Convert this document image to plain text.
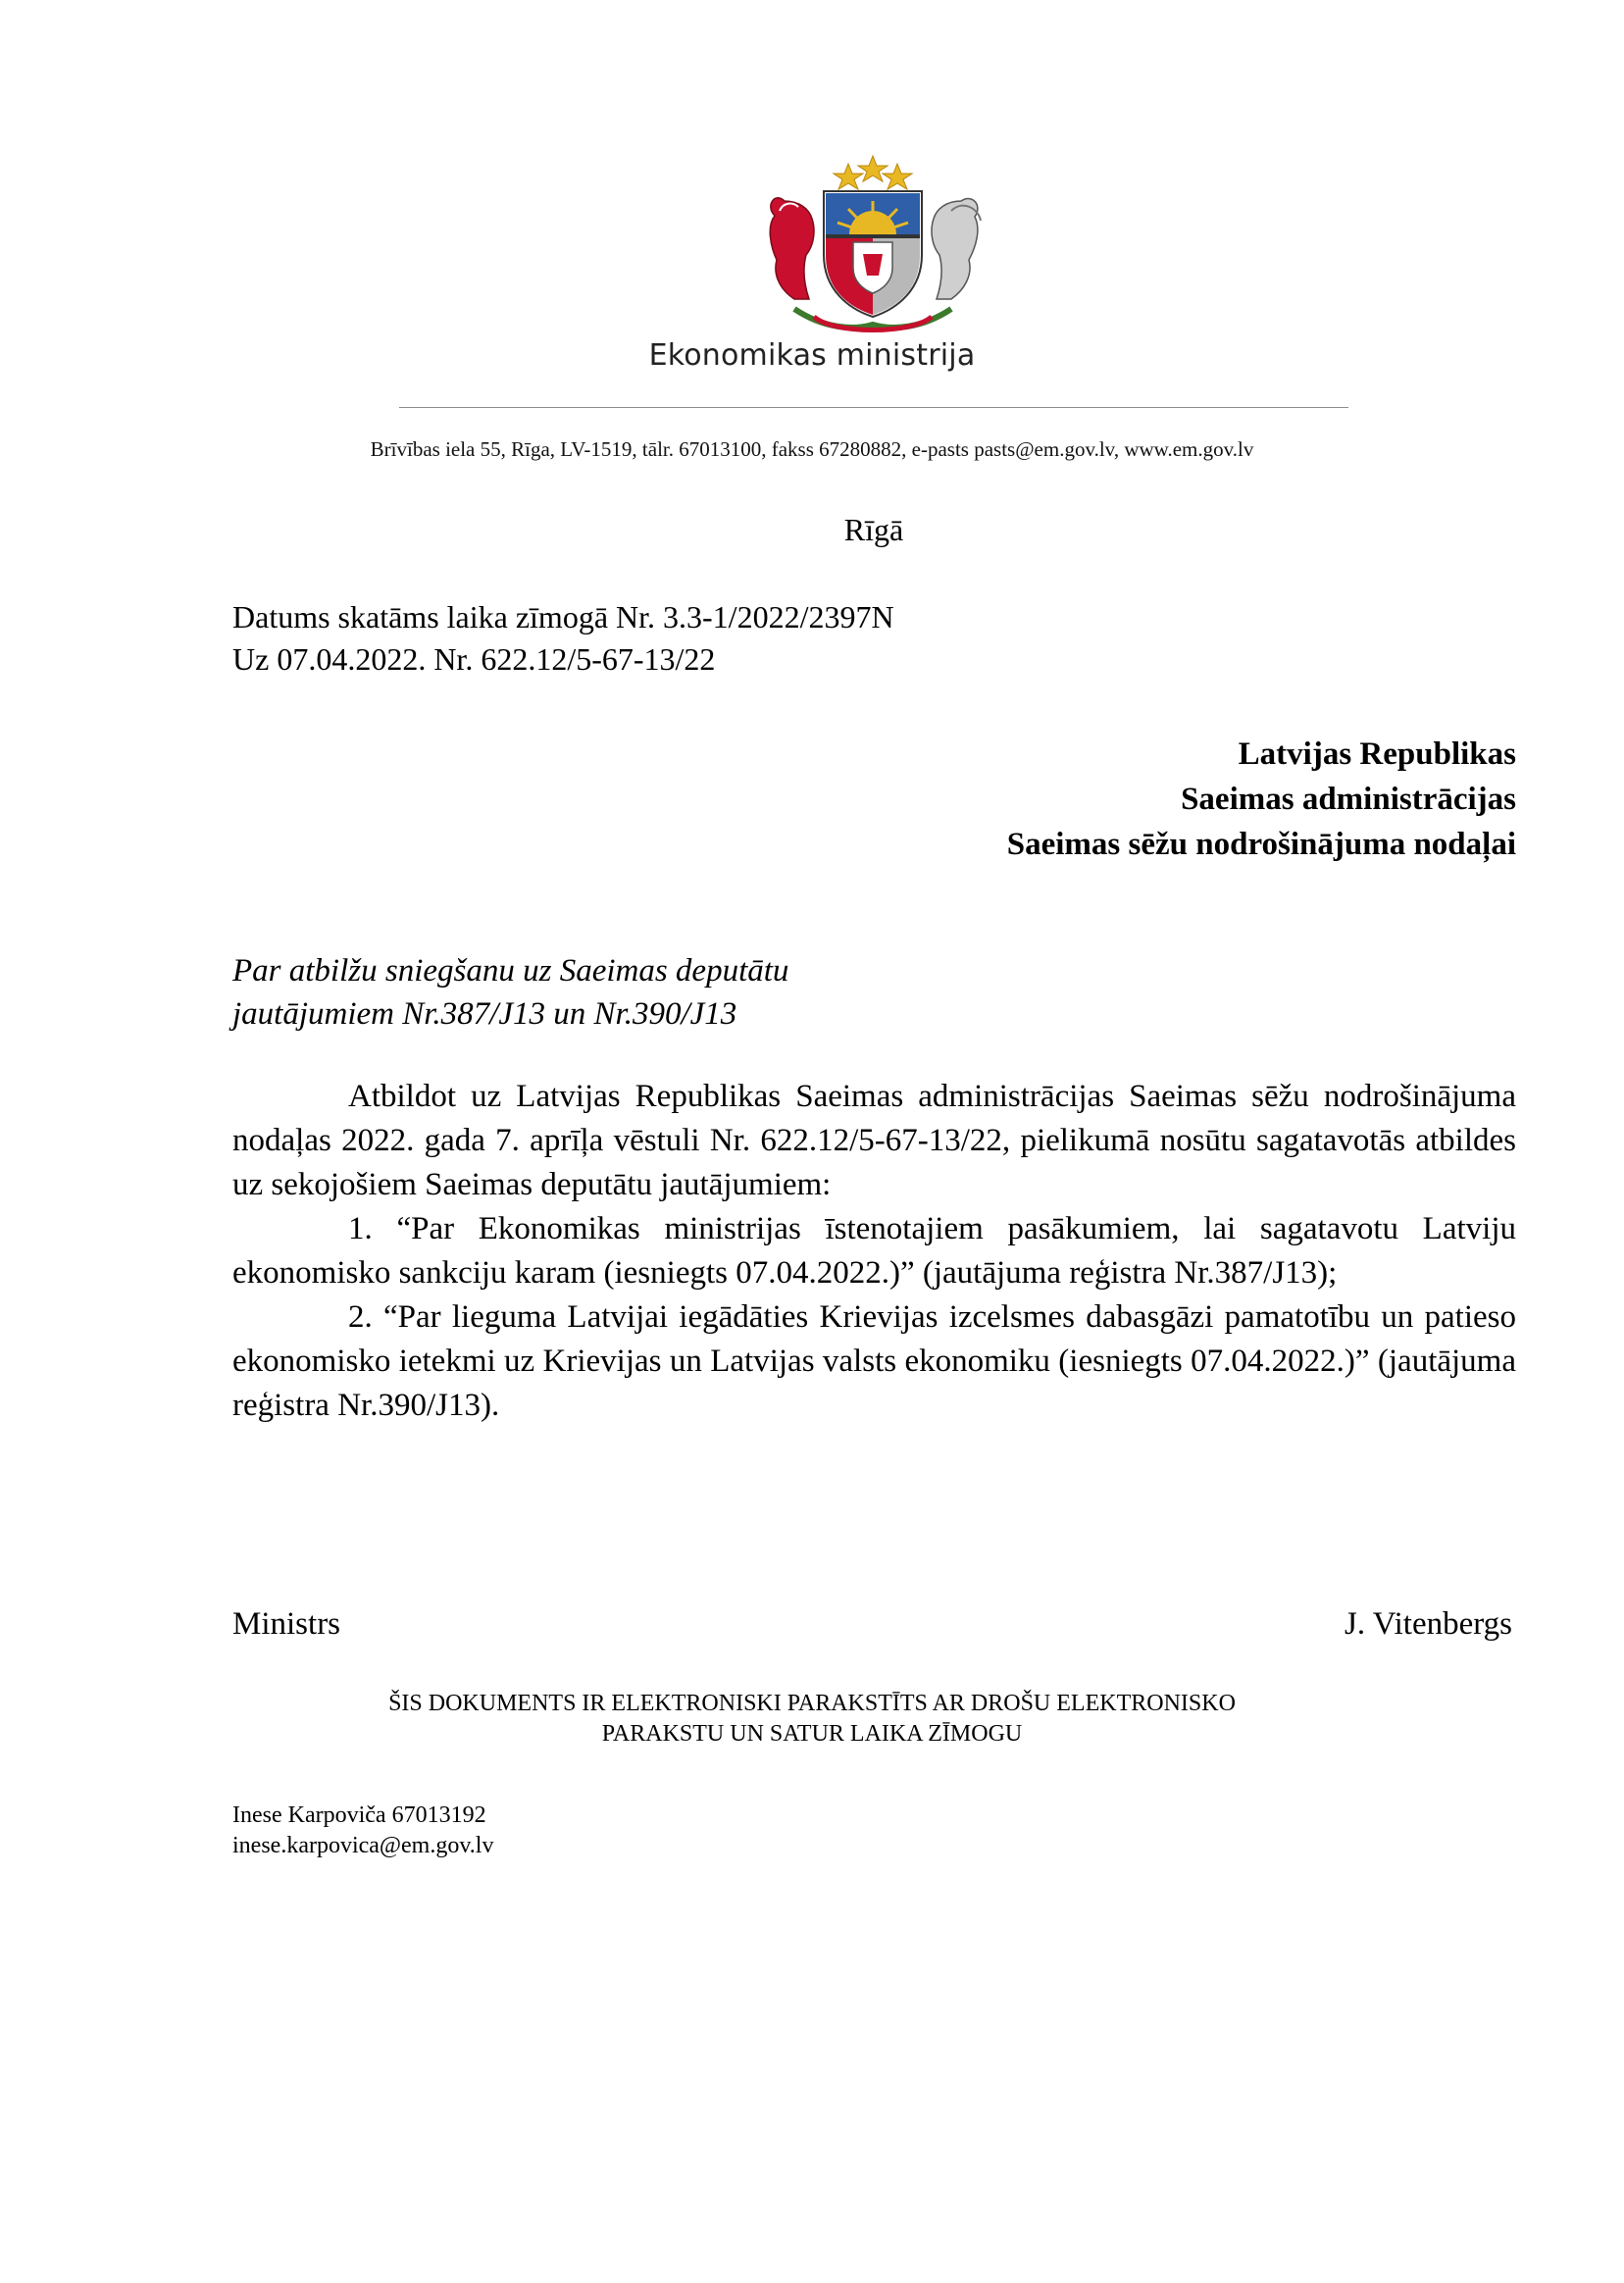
Ekonomikas ministrija
Brīvības iela 55, Rīga, LV-1519, tālr. 67013100, fakss 67280882, e-pasts pasts@em.gov.lv, www.em.gov.lv
Rīgā
Datums skatāms laika zīmogā Nr. 3.3-1/2022/2397N
Uz 07.04.2022. Nr. 622.12/5-67-13/22
Latvijas Republikas
Saeimas administrācijas
Saeimas sēžu nodrošinājuma nodaļai
Par atbilžu sniegšanu uz Saeimas deputātu
jautājumiem Nr.387/J13 un Nr.390/J13

Atbildot uz Latvijas Republikas Saeimas administrācijas Saeimas sēžu nodrošinājuma nodaļas 2022. gada 7. aprīļa vēstuli Nr. 622.12/5-67-13/22, pielikumā nosūtu sagatavotās atbildes uz sekojošiem Saeimas deputātu jautājumiem:

1. “Par Ekonomikas ministrijas īstenotajiem pasākumiem, lai sagatavotu Latviju ekonomisko sankciju karam (iesniegts 07.04.2022.)” (jautājuma reģistra Nr.387/J13);

2. “Par lieguma Latvijai iegādāties Krievijas izcelsmes dabasgāzi pamatotību un patieso ekonomisko ietekmi uz Krievijas un Latvijas valsts ekonomiku (iesniegts 07.04.2022.)” (jautājuma reģistra Nr.390/J13).

Ministrs	J. Vitenbergs
ŠIS DOKUMENTS IR ELEKTRONISKI PARAKSTĪTS AR DROŠU ELEKTRONISKO
PARAKSTU UN SATUR LAIKA ZĪMOGU
Inese Karpoviča 67013192
inese.karpovica@em.gov.lv
